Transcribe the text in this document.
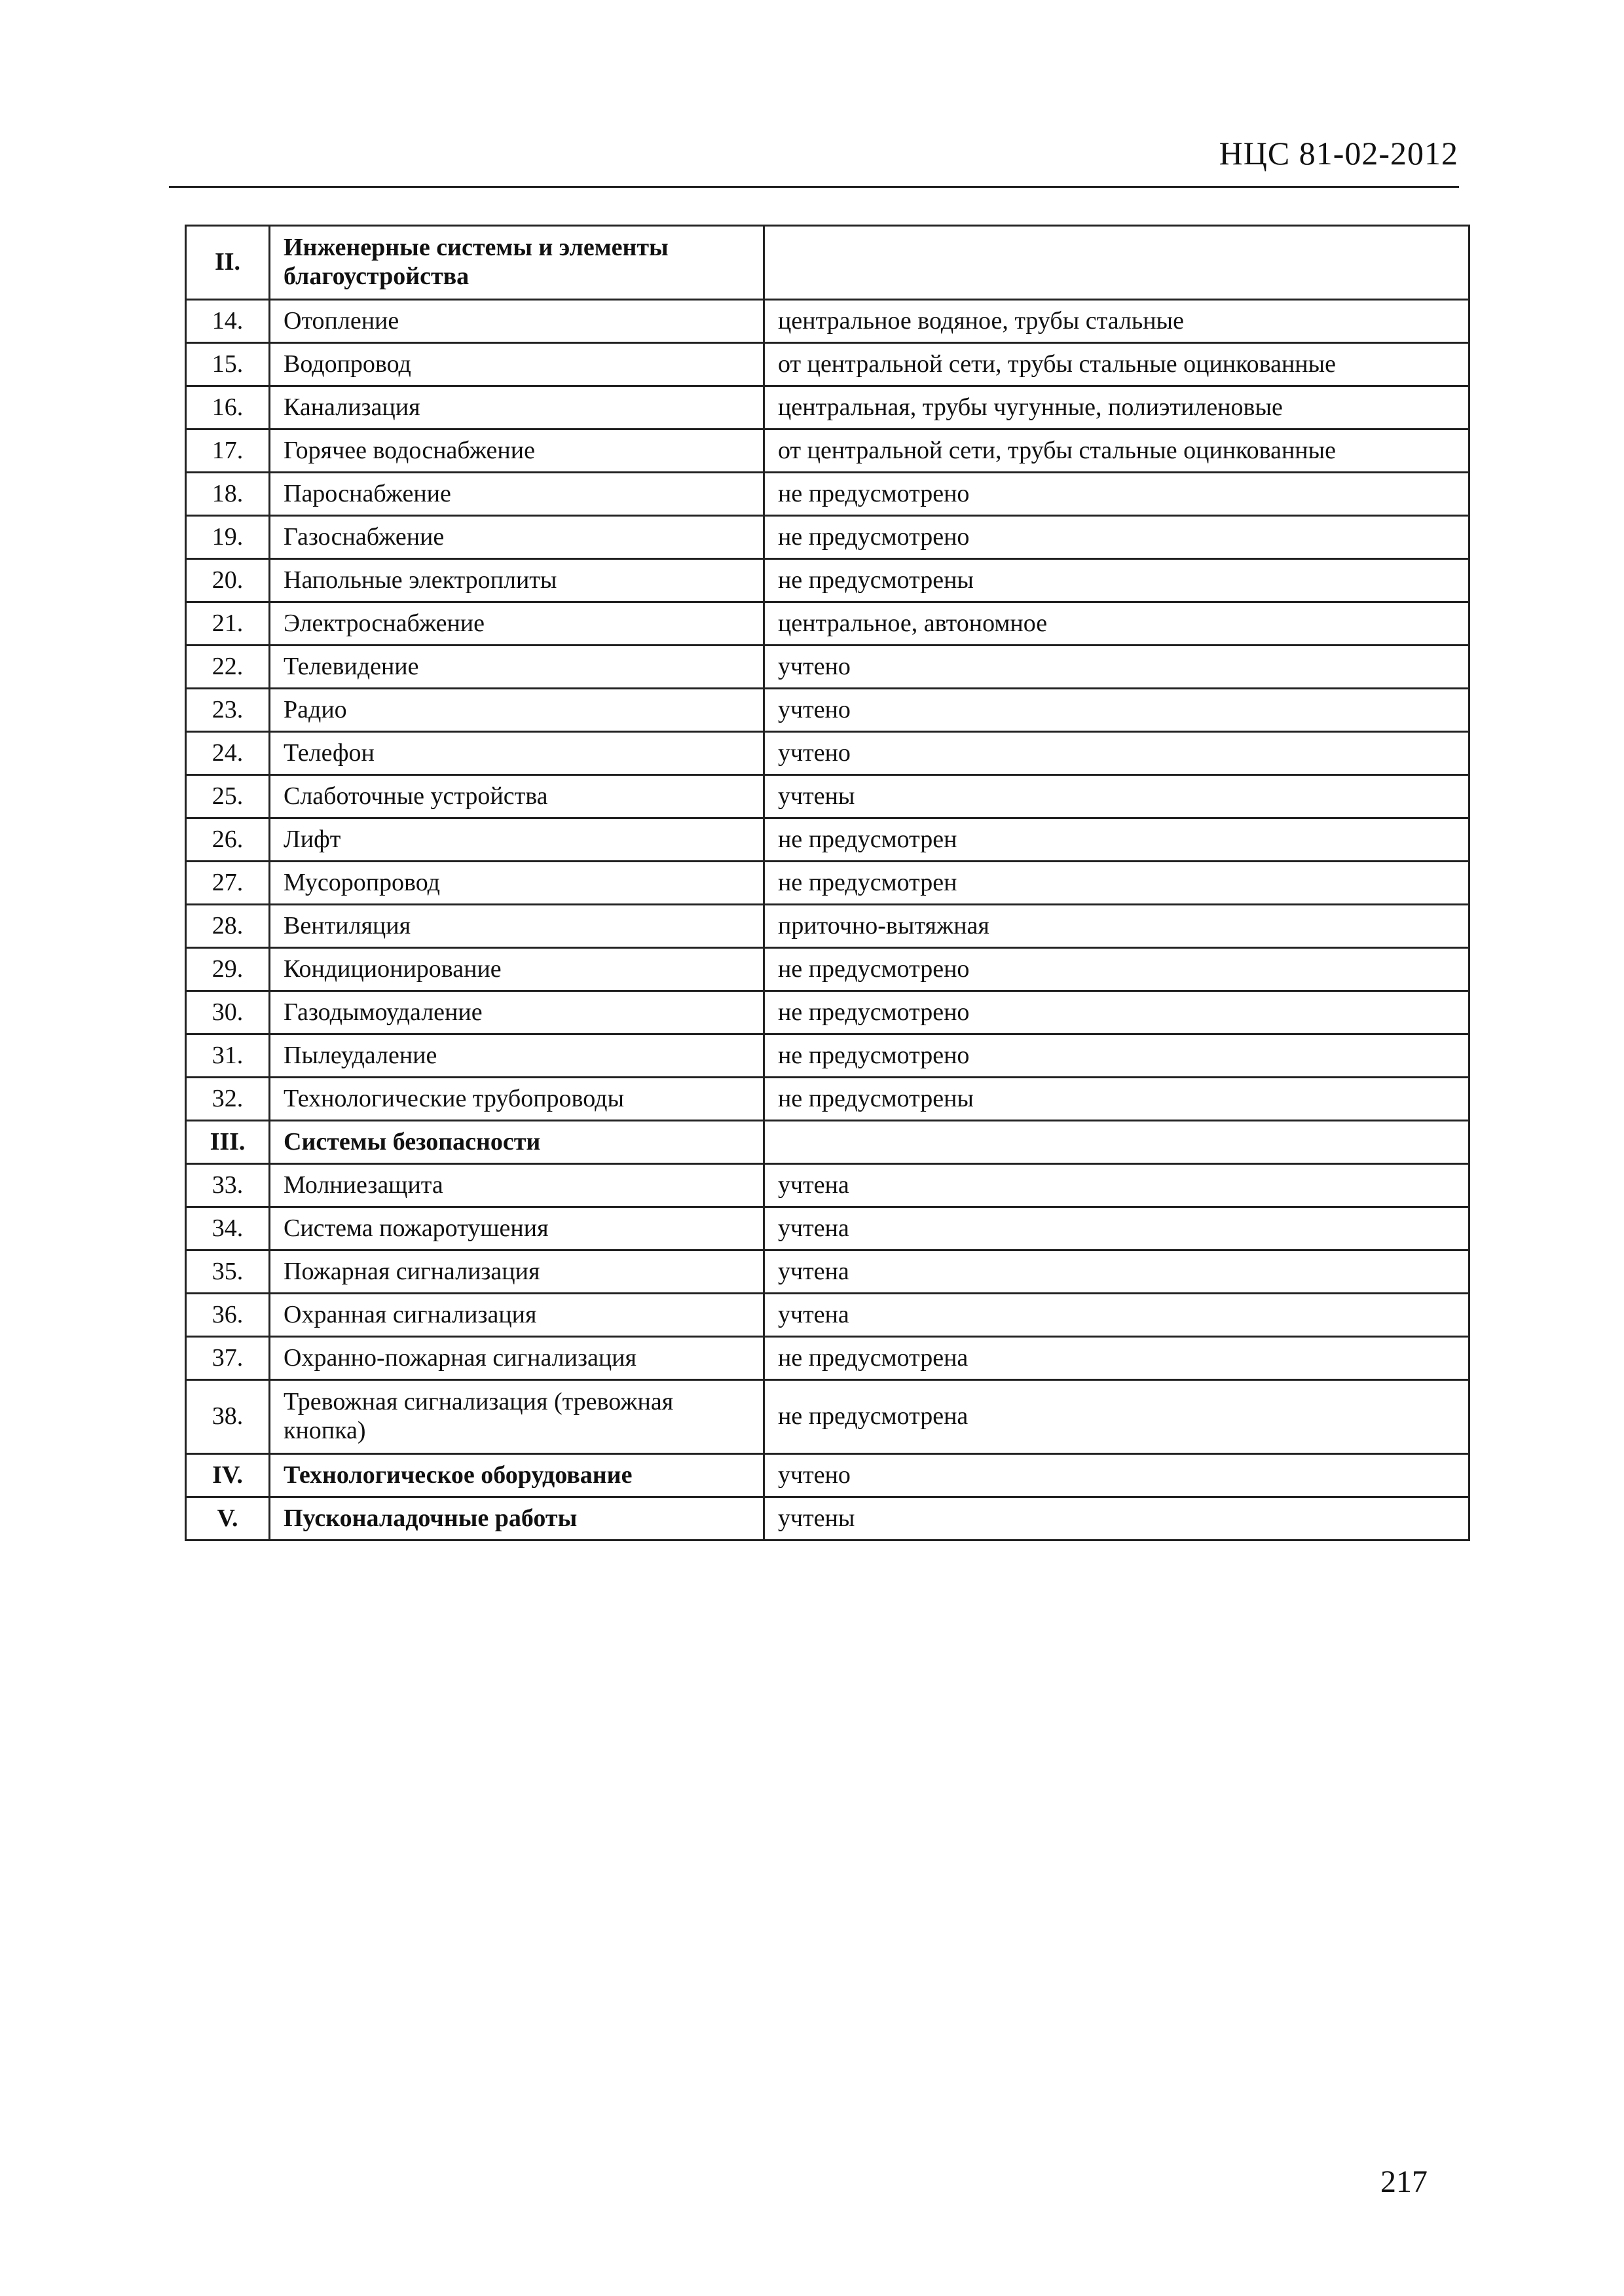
НЦС 81-02-2012
II.	Инженерные системы и элементы благоустройства	
14.	Отопление	центральное водяное, трубы стальные
15.	Водопровод	от центральной сети, трубы стальные оцинкованные
16.	Канализация	центральная, трубы чугунные, полиэтиленовые
17.	Горячее водоснабжение	от центральной сети, трубы стальные оцинкованные
18.	Пароснабжение	не предусмотрено
19.	Газоснабжение	не предусмотрено
20.	Напольные электроплиты	не предусмотрены
21.	Электроснабжение	центральное, автономное
22.	Телевидение	учтено
23.	Радио	учтено
24.	Телефон	учтено
25.	Слаботочные устройства	учтены
26.	Лифт	не предусмотрен
27.	Мусоропровод	не предусмотрен
28.	Вентиляция	приточно-вытяжная
29.	Кондиционирование	не предусмотрено
30.	Газодымоудаление	не предусмотрено
31.	Пылеудаление	не предусмотрено
32.	Технологические трубопроводы	не предусмотрены
III.	Системы безопасности	
33.	Молниезащита	учтена
34.	Система пожаротушения	учтена
35.	Пожарная сигнализация	учтена
36.	Охранная сигнализация	учтена
37.	Охранно-пожарная сигнализация	не предусмотрена
38.	Тревожная сигнализация (тревожная кнопка)	не предусмотрена
IV.	Технологическое оборудование	учтено
V.	Пусконаладочные работы	учтены
217
